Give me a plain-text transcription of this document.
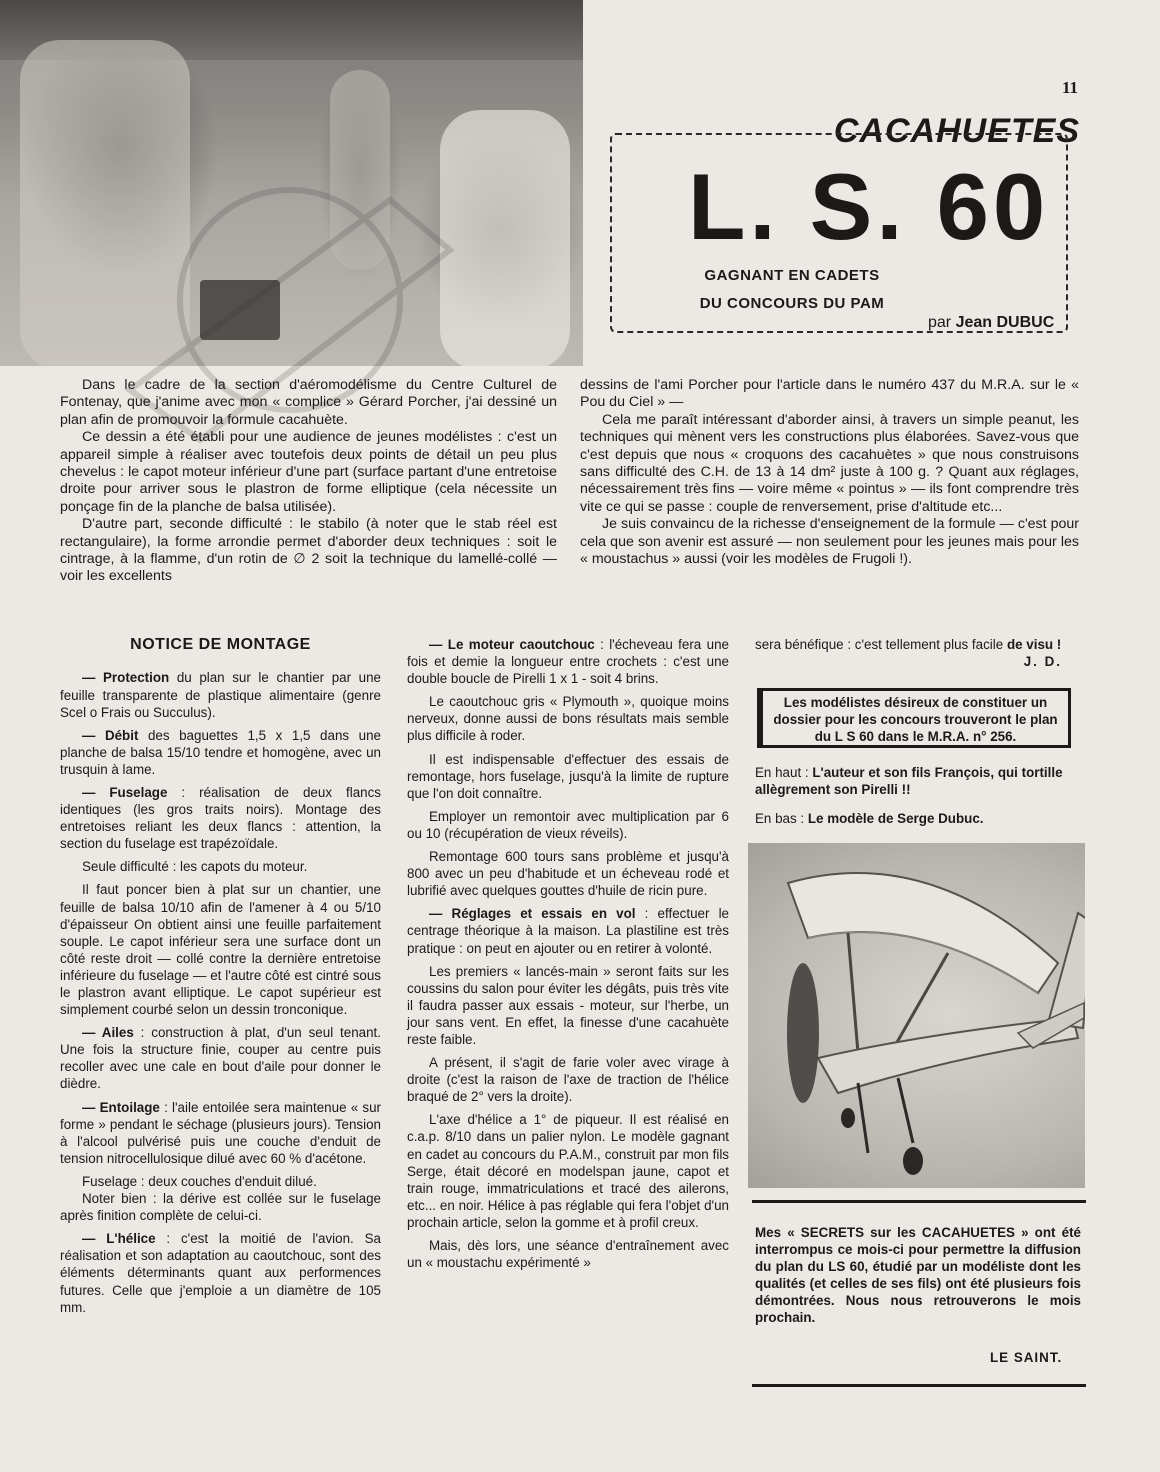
11
CACAHUETES
L. S. 60
GAGNANT EN CADETS
DU CONCOURS DU PAM
par Jean DUBUC

Dans le cadre de la section d'aéromodélisme du Centre Culturel de Fontenay, que j'anime avec mon « complice » Gérard Porcher, j'ai dessiné un plan afin de promouvoir la formule cacahuète.

Ce dessin a été établi pour une audience de jeunes modélistes : c'est un appareil simple à réaliser avec toutefois deux points de détail un peu plus chevelus : le capot moteur inférieur d'une part (surface partant d'une entretoise droite pour arriver sous le plastron de forme elliptique (cela nécessite un ponçage fin de la planche de balsa utilisée).

D'autre part, seconde difficulté : le stabilo (à noter que le stab réel est rectangulaire), la forme arrondie permet d'aborder deux techniques : soit le cintrage, à la flamme, d'un rotin de ∅ 2 soit la technique du lamellé-collé — voir les excellents

dessins de l'ami Porcher pour l'article dans le numéro 437 du M.R.A. sur le « Pou du Ciel » —

Cela me paraît intéressant d'aborder ainsi, à travers un simple peanut, les techniques qui mènent vers les constructions plus élaborées. Savez-vous que c'est depuis que nous « croquons des cacahuètes » que nous construisons sans difficulté des C.H. de 13 à 14 dm² juste à 100 g. ? Quant aux réglages, nécessairement très fins — voire même « pointus » — ils font comprendre très vite ce qui se passe : couple de renversement, prise d'altitude etc...

Je suis convaincu de la richesse d'enseignement de la formule — c'est pour cela que son avenir est assuré — non seulement pour les jeunes mais pour les « moustachus » aussi (voir les modèles de Frugoli !).

NOTICE DE MONTAGE

— Protection du plan sur le chantier par une feuille transparente de plastique alimentaire (genre Scel o Frais ou Succulus).

— Débit des baguettes 1,5 x 1,5 dans une planche de balsa 15/10 tendre et homogène, avec un trusquin à lame.

— Fuselage : réalisation de deux flancs identiques (les gros traits noirs). Montage des entretoises reliant les deux flancs : attention, la section du fuselage est trapézoïdale.

Seule difficulté : les capots du moteur.

Il faut poncer bien à plat sur un chantier, une feuille de balsa 10/10 afin de l'amener à 4 ou 5/10 d'épaisseur On obtient ainsi une feuille parfaitement souple. Le capot inférieur sera une surface dont un côté reste droit — collé contre la dernière entretoise inférieure du fuselage — et l'autre côté est cintré sous le plastron avant elliptique. Le capot supérieur est simplement courbé selon un dessin tronconique.

— Ailes : construction à plat, d'un seul tenant. Une fois la structure finie, couper au centre puis recoller avec une cale en bout d'aile pour donner le dièdre.

— Entoilage : l'aile entoilée sera maintenue « sur forme » pendant le séchage (plusieurs jours). Tension à l'alcool pulvérisé puis une couche d'enduit de tension nitrocellulosique dilué avec 60 % d'acétone.

Fuselage : deux couches d'enduit dilué.

Noter bien : la dérive est collée sur le fuselage après finition complète de celui-ci.

— L'hélice : c'est la moitié de l'avion. Sa réalisation et son adaptation au caoutchouc, sont des éléments déterminants quant aux performences futures. Celle que j'emploie a un diamètre de 105 mm.

— Le moteur caoutchouc : l'écheveau fera une fois et demie la longueur entre crochets : c'est une double boucle de Pirelli 1 x 1 - soit 4 brins.

Le caoutchouc gris « Plymouth », quoique moins nerveux, donne aussi de bons résultats mais semble plus difficile à roder.

Il est indispensable d'effectuer des essais de remontage, hors fuselage, jusqu'à la limite de rupture que l'on doit connaître.

Employer un remontoir avec multiplication par 6 ou 10 (récupération de vieux réveils).

Remontage 600 tours sans problème et jusqu'à 800 avec un peu d'habitude et un écheveau rodé et lubrifié avec quelques gouttes d'huile de ricin pure.

— Réglages et essais en vol : effectuer le centrage théorique à la maison. La plastiline est très pratique : on peut en ajouter ou en retirer à volonté.

Les premiers « lancés-main » seront faits sur les coussins du salon pour éviter les dégâts, puis très vite il faudra passer aux essais - moteur, sur l'herbe, un jour sans vent. En effet, la finesse d'une cacahuète reste faible.

A présent, il s'agit de farie voler avec virage à droite (c'est la raison de l'axe de traction de l'hélice braqué de 2° vers la droite).

L'axe d'hélice a 1° de piqueur. Il est réalisé en c.a.p. 8/10 dans un palier nylon. Le modèle gagnant en cadet au concours du P.A.M., construit par mon fils Serge, était décoré en modelspan jaune, capot et train rouge, immatriculations et tracé des ailerons, etc... en noir. Hélice à pas réglable qui fera l'objet d'un prochain article, selon la gomme et à profil creux.

Mais, dès lors, une séance d'entraînement avec un « moustachu expérimenté »

sera bénéfique : c'est tellement plus facile de visu !

J. D.
Les modélistes désireux de constituer un dossier pour les concours trouveront le plan du L S 60 dans le M.R.A. n° 256.
En haut : L'auteur et son fils François, qui tortille allègrement son Pirelli !!
En bas : Le modèle de Serge Dubuc.
Mes « SECRETS sur les CACAHUETES » ont été interrompus ce mois-ci pour permettre la diffusion du plan du LS 60, étudié par un modéliste dont les qualités (et celles de ses fils) ont été plusieurs fois démontrées. Nous nous retrouverons le mois prochain.
LE SAINT.
